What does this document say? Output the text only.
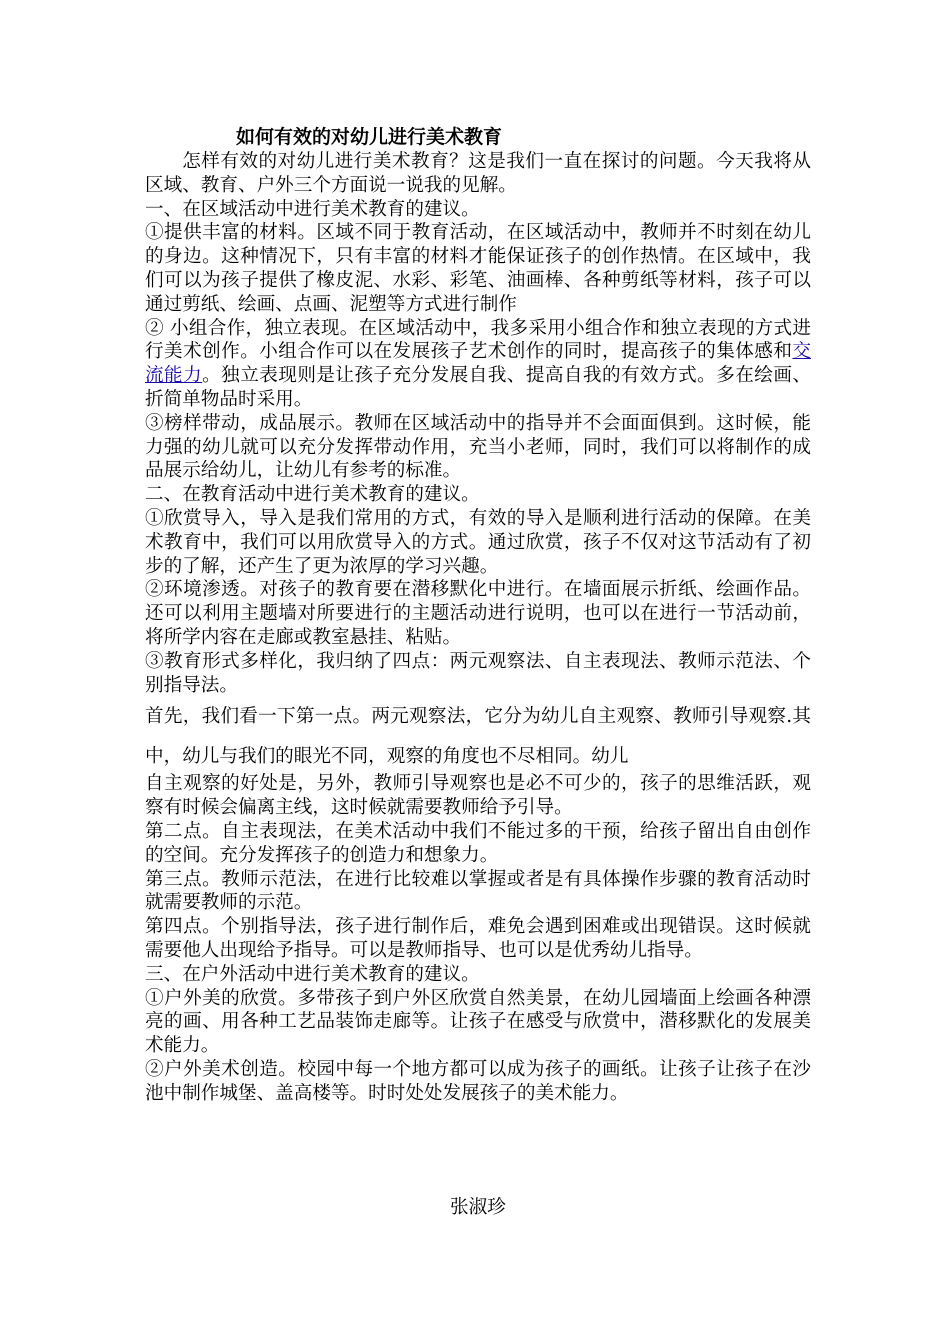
如何有效的对幼儿进行美术教育

怎样有效的对幼儿进行美术教育？这是我们一直在探讨的问题。今天我将从区域、教育、户外三个方面说一说我的见解。

一、在区域活动中进行美术教育的建议。

①提供丰富的材料。区域不同于教育活动，在区域活动中，教师并不时刻在幼儿的身边。这种情况下，只有丰富的材料才能保证孩子的创作热情。在区域中，我们可以为孩子提供了橡皮泥、水彩、彩笔、油画棒、各种剪纸等材料，孩子可以通过剪纸、绘画、点画、泥塑等方式进行制作

② 小组合作，独立表现。在区域活动中，我多采用小组合作和独立表现的方式进行美术创作。小组合作可以在发展孩子艺术创作的同时，提高孩子的集体感和交流能力。独立表现则是让孩子充分发展自我、提高自我的有效方式。多在绘画、折简单物品时采用。

③榜样带动，成品展示。教师在区域活动中的指导并不会面面俱到。这时候，能力强的幼儿就可以充分发挥带动作用，充当小老师，同时，我们可以将制作的成品展示给幼儿，让幼儿有参考的标准。

二、在教育活动中进行美术教育的建议。

①欣赏导入，导入是我们常用的方式，有效的导入是顺利进行活动的保障。在美术教育中，我们可以用欣赏导入的方式。通过欣赏，孩子不仅对这节活动有了初步的了解，还产生了更为浓厚的学习兴趣。

②环境渗透。对孩子的教育要在潜移默化中进行。在墙面展示折纸、绘画作品。还可以利用主题墙对所要进行的主题活动进行说明，也可以在进行一节活动前，将所学内容在走廊或教室悬挂、粘贴。

③教育形式多样化，我归纳了四点：两元观察法、自主表现法、教师示范法、个别指导法。

首先，我们看一下第一点。两元观察法，它分为幼儿自主观察、教师引导观察.其中，幼儿与我们的眼光不同，观察的角度也不尽相同。幼儿

自主观察的好处是，另外，教师引导观察也是必不可少的，孩子的思维活跃，观察有时候会偏离主线，这时候就需要教师给予引导。

第二点。自主表现法，在美术活动中我们不能过多的干预，给孩子留出自由创作的空间。充分发挥孩子的创造力和想象力。

第三点。教师示范法，在进行比较难以掌握或者是有具体操作步骤的教育活动时就需要教师的示范。

第四点。个别指导法，孩子进行制作后，难免会遇到困难或出现错误。这时候就需要他人出现给予指导。可以是教师指导、也可以是优秀幼儿指导。

三、在户外活动中进行美术教育的建议。

①户外美的欣赏。多带孩子到户外区欣赏自然美景，在幼儿园墙面上绘画各种漂亮的画、用各种工艺品装饰走廊等。让孩子在感受与欣赏中，潜移默化的发展美术能力。

②户外美术创造。校园中每一个地方都可以成为孩子的画纸。让孩子让孩子在沙池中制作城堡、盖高楼等。时时处处发展孩子的美术能力。

张淑珍
